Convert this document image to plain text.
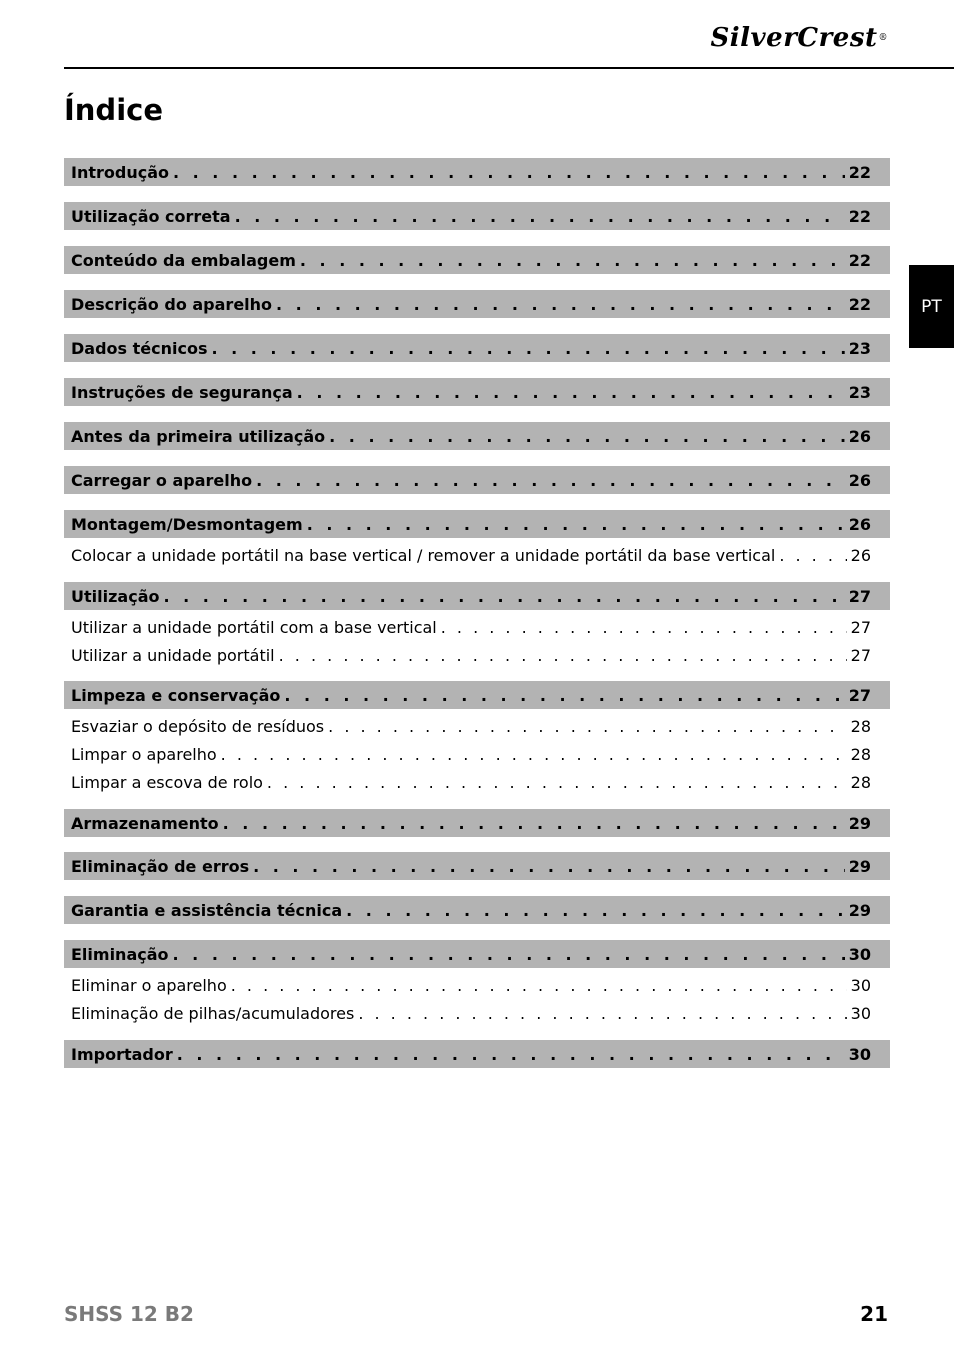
SilverCrest®
Índice
PT
Introdução . . .	22
Utilização correta . . .	22
Conteúdo da embalagem . . .	22
Descrição do aparelho . . .	22
Dados técnicos . . .	23
Instruções de segurança . . .	23
Antes da primeira utilização . . .	26
Carregar o aparelho . . .	26
Montagem/Desmontagem . . .	26
Colocar a unidade portátil na base vertical / remover a unidade portátil da base vertical . . .	26
Utilização . . .	27
Utilizar a unidade portátil com a base vertical . . .	27
Utilizar a unidade portátil . . .	27
Limpeza e conservação . . .	27
Esvaziar o depósito de resíduos . . .	28
Limpar o aparelho . . .	28
Limpar a escova de rolo . . .	28
Armazenamento . . .	29
Eliminação de erros . . .	29
Garantia e assistência técnica . . .	29
Eliminação . . .	30
Eliminar o aparelho . . .	30
Eliminação de pilhas/acumuladores . . .	30
Importador . . .	30
SHSS 12 B2	21
